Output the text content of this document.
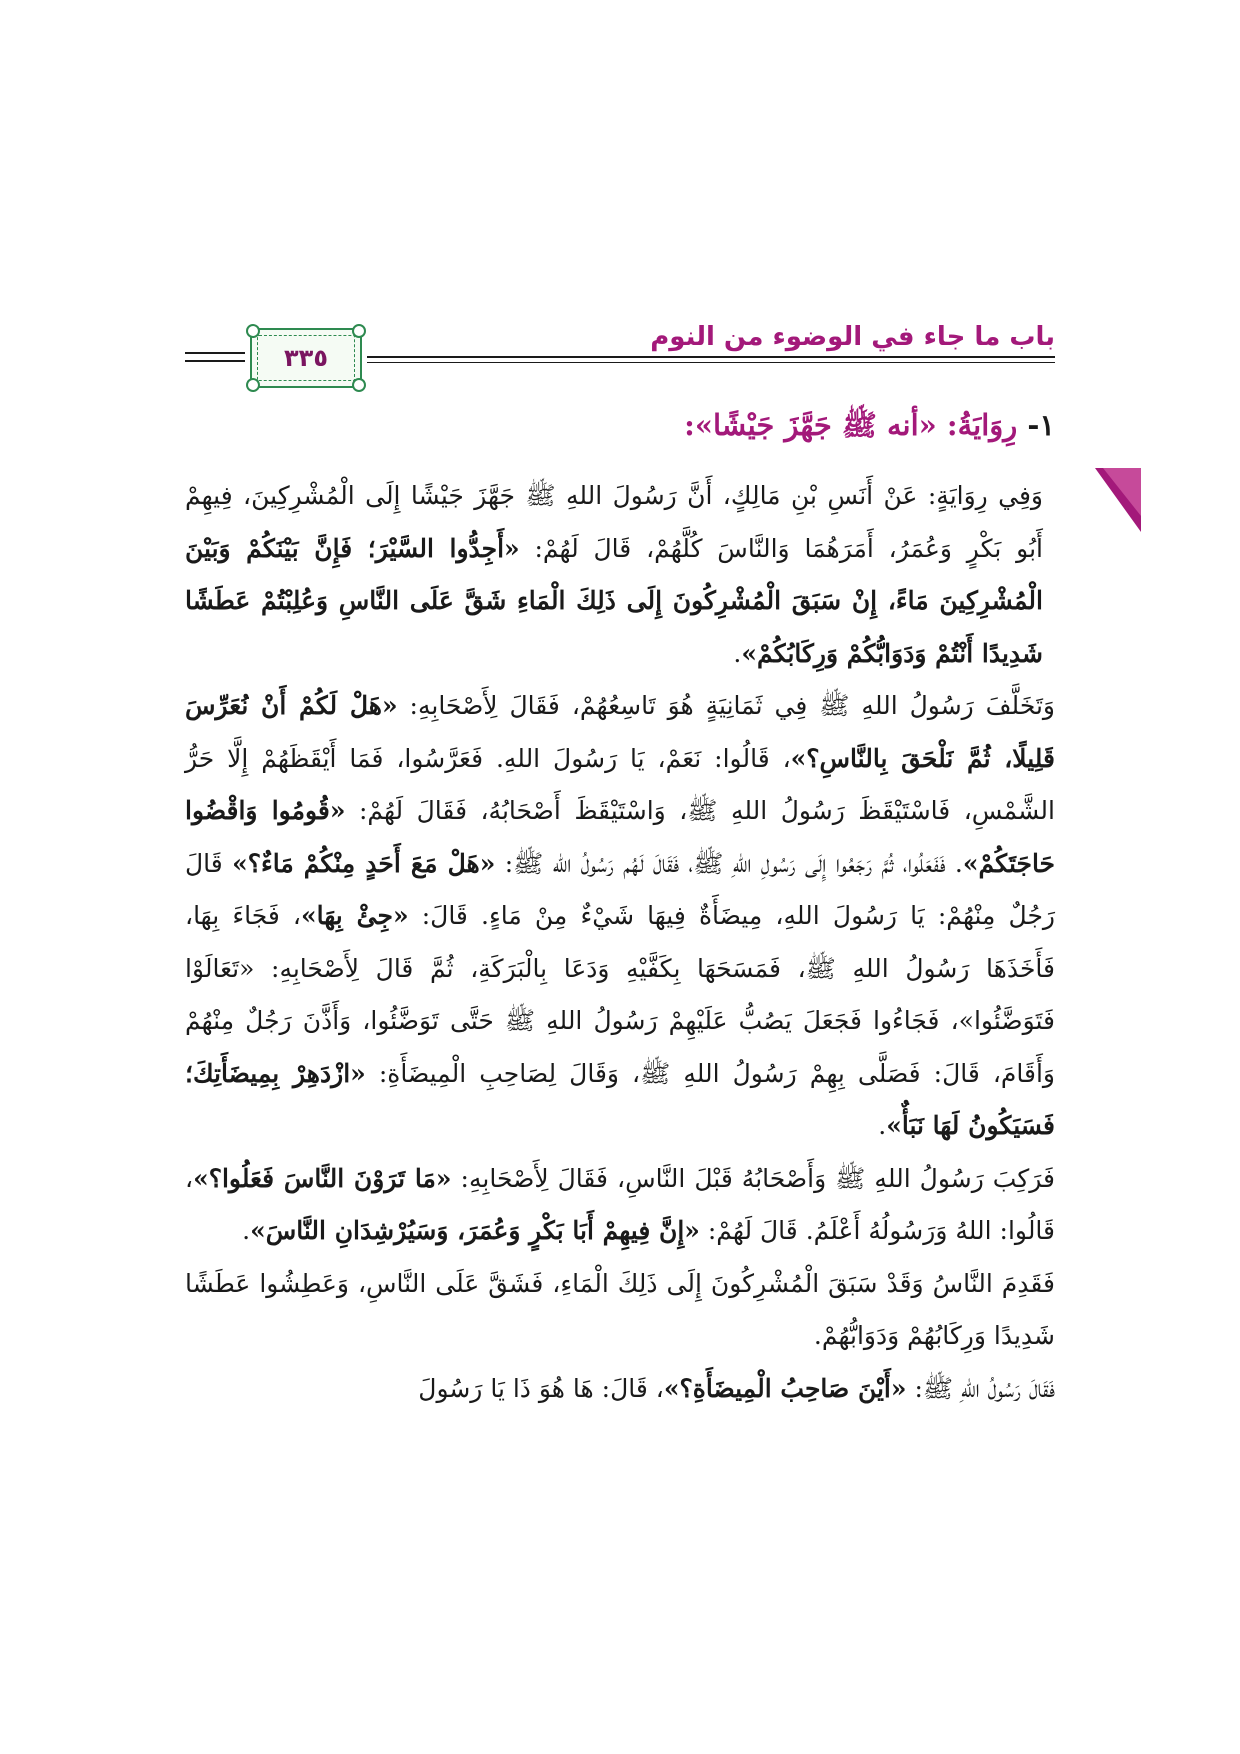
باب ما جاء في الوضوء من النوم
٣٣٥
١- رِوَايَةُ: «أنه ﷺ جَهَّزَ جَيْشًا»:

وَفِي رِوَايَةٍ: عَنْ أَنَسِ بْنِ مَالِكٍ، أَنَّ رَسُولَ اللهِ ﷺ جَهَّزَ جَيْشًا إِلَى الْمُشْرِكِينَ، فِيهِمْ أَبُو بَكْرٍ وَعُمَرُ، أَمَرَهُمَا وَالنَّاسَ كُلَّهُمْ، قَالَ لَهُمْ: «أَجِدُّوا السَّيْرَ؛ فَإِنَّ بَيْنَكُمْ وَبَيْنَ الْمُشْرِكِينَ مَاءً، إِنْ سَبَقَ الْمُشْرِكُونَ إِلَى ذَلِكَ الْمَاءِ شَقَّ عَلَى النَّاسِ وَعُلِبْتُمْ عَطَشًا شَدِيدًا أَنْتُمْ وَدَوَابُّكُمْ وَرِكَابُكُمْ».

وَتَخَلَّفَ رَسُولُ اللهِ ﷺ فِي ثَمَانِيَةٍ هُوَ تَاسِعُهُمْ، فَقَالَ لِأَصْحَابِهِ: «هَلْ لَكُمْ أَنْ نُعَرِّسَ قَلِيلًا، ثُمَّ نَلْحَقَ بِالنَّاسِ؟»، قَالُوا: نَعَمْ، يَا رَسُولَ اللهِ. فَعَرَّسُوا، فَمَا أَيْقَظَهُمْ إِلَّا حَرُّ الشَّمْسِ، فَاسْتَيْقَظَ رَسُولُ اللهِ ﷺ، وَاسْتَيْقَظَ أَصْحَابُهُ، فَقَالَ لَهُمْ: «قُومُوا وَاقْضُوا حَاجَتَكُمْ». فَفَعَلُوا، ثُمَّ رَجَعُوا إِلَى رَسُولِ اللهِ ﷺ، فَقَالَ لَهُم رَسُولُ الله ﷺ: «هَلْ مَعَ أَحَدٍ مِنْكُمْ مَاءٌ؟» قَالَ رَجُلٌ مِنْهُمْ: يَا رَسُولَ اللهِ، مِيضَأَةٌ فِيهَا شَيْءٌ مِنْ مَاءٍ. قَالَ: «جِئْ بِهَا»، فَجَاءَ بِهَا، فَأَخَذَهَا رَسُولُ اللهِ ﷺ، فَمَسَحَهَا بِكَفَّيْهِ وَدَعَا بِالْبَرَكَةِ، ثُمَّ قَالَ لِأَصْحَابِهِ: «تَعَالَوْا فَتَوَضَّئُوا»، فَجَاءُوا فَجَعَلَ يَصُبُّ عَلَيْهِمْ رَسُولُ اللهِ ﷺ حَتَّى تَوَضَّئُوا، وَأَذَّنَ رَجُلٌ مِنْهُمْ وَأَقَامَ، قَالَ: فَصَلَّى بِهِمْ رَسُولُ اللهِ ﷺ، وَقَالَ لِصَاحِبِ الْمِيضَأَةِ: «ازْدَهِرْ بِمِيضَأَتِكَ؛ فَسَيَكُونُ لَهَا نَبَأٌ».

فَرَكِبَ رَسُولُ اللهِ ﷺ وَأَصْحَابُهُ قَبْلَ النَّاسِ، فَقَالَ لِأَصْحَابِهِ: «مَا تَرَوْنَ النَّاسَ فَعَلُوا؟»، قَالُوا: اللهُ وَرَسُولُهُ أَعْلَمُ. قَالَ لَهُمْ: «إِنَّ فِيهِمْ أَبَا بَكْرٍ وَعُمَرَ، وَسَيُرْشِدَانِ النَّاسَ».

فَقَدِمَ النَّاسُ وَقَدْ سَبَقَ الْمُشْرِكُونَ إِلَى ذَلِكَ الْمَاءِ، فَشَقَّ عَلَى النَّاسِ، وَعَطِشُوا عَطَشًا شَدِيدًا وَرِكَابُهُمْ وَدَوَابُّهُمْ.

فَقَالَ رَسُولُ اللهِ ﷺ: «أَيْنَ صَاحِبُ الْمِيضَأَةِ؟»، قَالَ: هَا هُوَ ذَا يَا رَسُولَ
